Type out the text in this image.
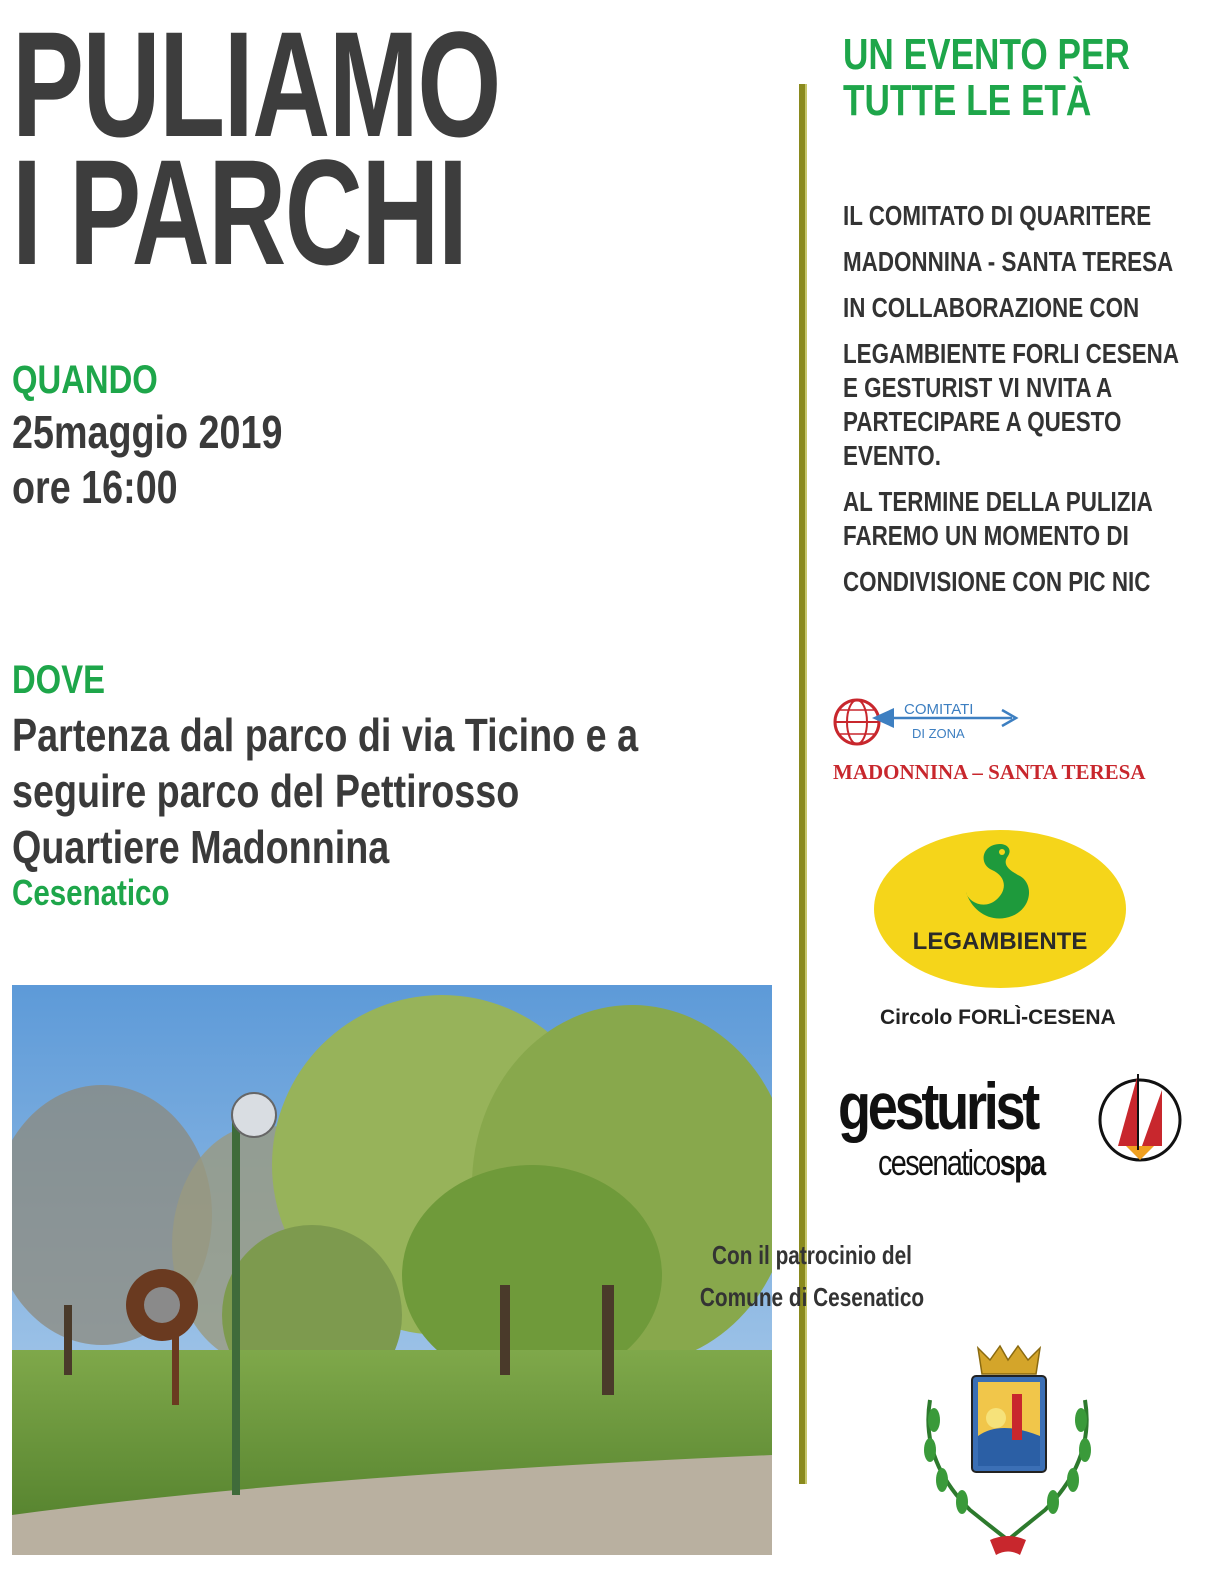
PULIAMO
I PARCHI
QUANDO
25maggio 2019
ore 16:00
DOVE
Partenza dal parco di via Ticino e a
seguire parco del Pettirosso
Quartiere Madonnina
Cesenatico
UN EVENTO PER
TUTTE LE ETÀ
IL COMITATO DI QUARITERE
MADONNINA - SANTA TERESA
IN COLLABORAZIONE CON
LEGAMBIENTE FORLI CESENA
E GESTURIST VI NVITA A
PARTECIPARE A QUESTO
EVENTO.
AL TERMINE DELLA PULIZIA
FAREMO UN MOMENTO DI
CONDIVISIONE CON PIC NIC
COMITATI
DI ZONA
MADONNINA – SANTA TERESA
LEGAMBIENTE
Circolo FORLÌ-CESENA
gesturist
cesenaticospa
Con il patrocinio del
Comune di Cesenatico
